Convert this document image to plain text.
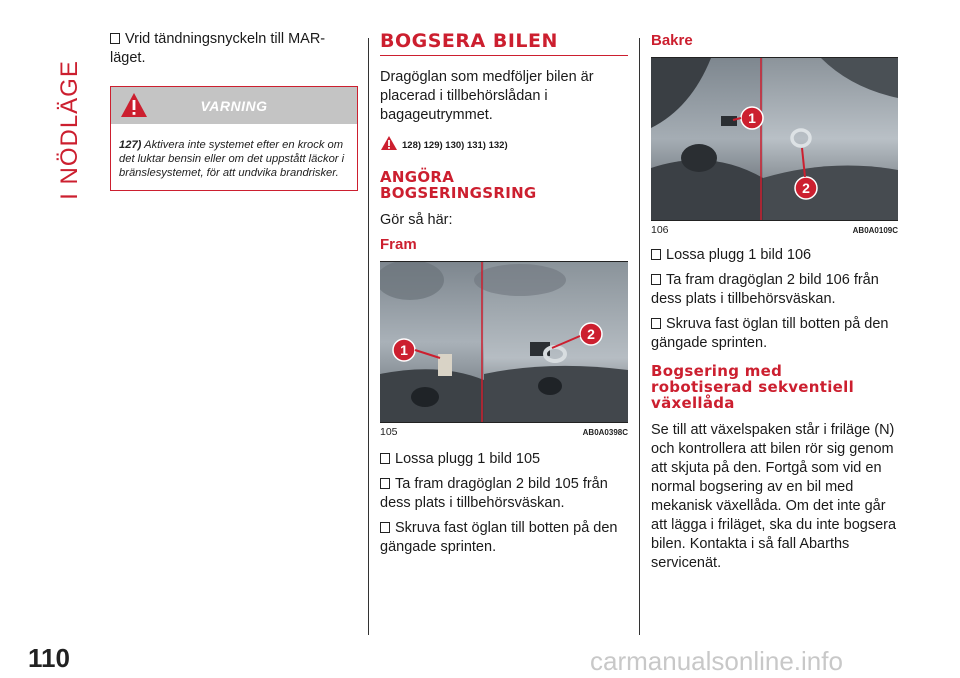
I NÖDLÄGE
110	carmanualsonline.info
Vrid tändningsnyckeln till MAR-läget.
VARNING
127) Aktivera inte systemet efter en krock om det luktar bensin eller om det uppstått läckor i bränslesystemet, för att undvika brandrisker.
BOGSERA BILEN
Dragöglan som medföljer bilen är placerad i tillbehörslådan i bagageutrymmet.
128) 129) 130) 131) 132)
ANGÖRA
BOGSERINGSRING
Gör så här:
Fram
1
2
105	AB0A0398C
Lossa plugg 1 bild 105
Ta fram dragöglan 2 bild 105 från dess plats i tillbehörsväskan.
Skruva fast öglan till botten på den gängade sprinten.
Bakre
1
2
106	AB0A0109C
Lossa plugg 1 bild 106
Ta fram dragöglan 2 bild 106 från dess plats i tillbehörsväskan.
Skruva fast öglan till botten på den gängade sprinten.
Bogsering med
robotiserad sekventiell
växellåda
Se till att växelspaken står i friläge (N) och kontrollera att bilen rör sig genom att skjuta på den. Fortgå som vid en normal bogsering av en bil med mekanisk växellåda. Om det inte går att lägga i friläget, ska du inte bogsera bilen. Kontakta i så fall Abarths servicenät.
